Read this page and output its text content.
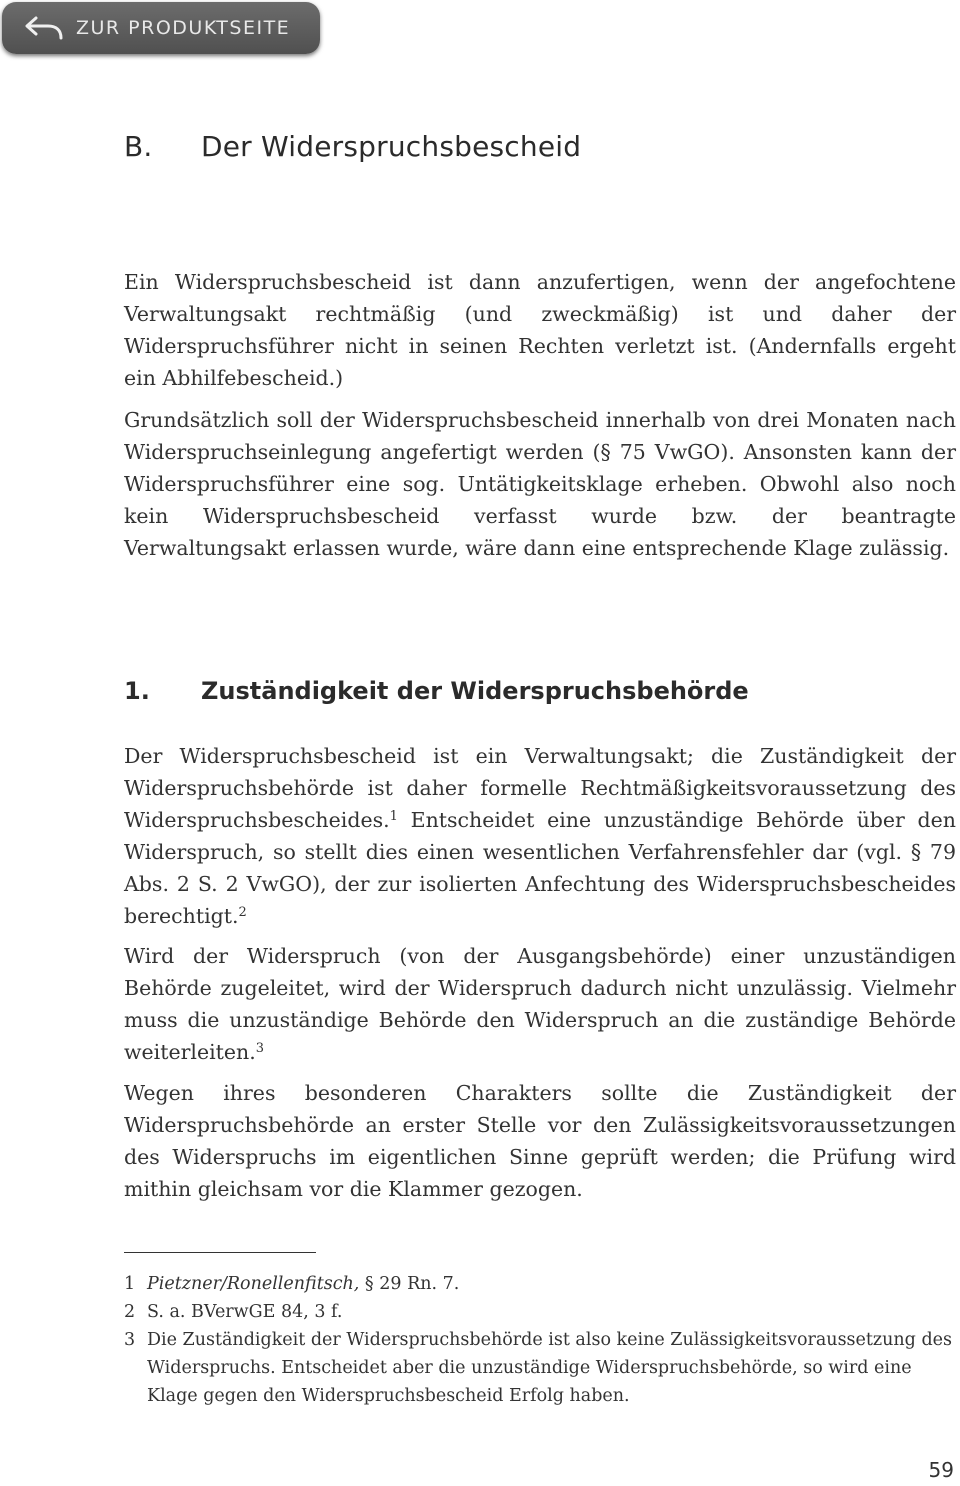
ZUR PRODUKTSEITE
B. Der Widerspruchsbescheid

Ein Widerspruchsbescheid ist dann anzufertigen, wenn der angefochtene Verwaltungsakt rechtmäßig (und zweckmäßig) ist und daher der Widerspruchsführer nicht in seinen Rechten verletzt ist. (Andernfalls ergeht ein Abhilfebescheid.)

Grundsätzlich soll der Widerspruchsbescheid innerhalb von drei Monaten nach Widerspruchseinlegung angefertigt werden (§ 75 VwGO). Ansonsten kann der Widerspruchsführer eine sog. Untätigkeitsklage erheben. Obwohl also noch kein Widerspruchsbescheid verfasst wurde bzw. der beantragte Verwaltungsakt erlassen wurde, wäre dann eine entsprechende Klage zulässig.

1. Zuständigkeit der Widerspruchsbehörde

Der Widerspruchsbescheid ist ein Verwaltungsakt; die Zuständigkeit der Widerspruchsbehörde ist daher formelle Rechtmäßigkeitsvoraussetzung des Widerspruchsbescheides.$^1$ Entscheidet eine unzuständige Behörde über den Widerspruch, so stellt dies einen wesentlichen Verfahrensfehler dar (vgl. § 79 Abs. 2 S. 2 VwGO), der zur isolierten Anfechtung des Widerspruchsbescheides berechtigt.$^2$

Wird der Widerspruch (von der Ausgangsbehörde) einer unzuständigen Behörde zugeleitet, wird der Widerspruch dadurch nicht unzulässig. Vielmehr muss die unzuständige Behörde den Widerspruch an die zuständige Behörde weiterleiten.$^3$

Wegen ihres besonderen Charakters sollte die Zuständigkeit der Widerspruchsbehörde an erster Stelle vor den Zulässigkeitsvoraussetzungen des Widerspruchs im eigentlichen Sinne geprüft werden; die Prüfung wird mithin gleichsam vor die Klammer gezogen.

1 Pietzner/Ronellenfitsch, § 29 Rn. 7.
2 S. a. BVerwGE 84, 3 f.
3 Die Zuständigkeit der Widerspruchsbehörde ist also keine Zulässigkeitsvoraussetzung des Widerspruchs. Entscheidet aber die unzuständige Widerspruchsbehörde, so wird eine Klage gegen den Widerspruchsbescheid Erfolg haben.
59
